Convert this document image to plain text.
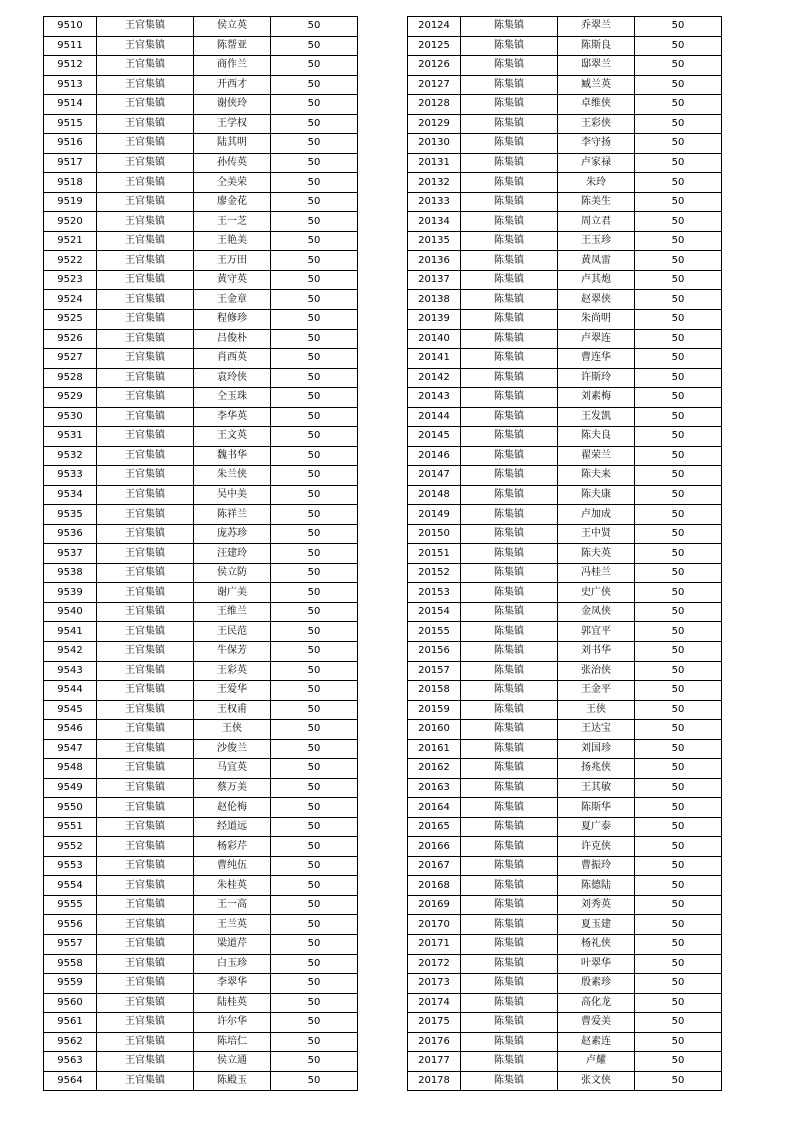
9510	王官集镇	侯立英	50
9511	王官集镇	陈帮亚	50
9512	王官集镇	商作兰	50
9513	王官集镇	开西才	50
9514	王官集镇	谢侠玲	50
9515	王官集镇	王学权	50
9516	王官集镇	陆其明	50
9517	王官集镇	孙传英	50
9518	王官集镇	仝美荣	50
9519	王官集镇	廖金花	50
9520	王官集镇	王一芝	50
9521	王官集镇	王艳美	50
9522	王官集镇	王万田	50
9523	王官集镇	黄守英	50
9524	王官集镇	王金章	50
9525	王官集镇	程修珍	50
9526	王官集镇	吕俊朴	50
9527	王官集镇	肖西英	50
9528	王官集镇	袁玲侠	50
9529	王官集镇	仝玉珠	50
9530	王官集镇	李华英	50
9531	王官集镇	王文英	50
9532	王官集镇	魏书华	50
9533	王官集镇	朱兰侠	50
9534	王官集镇	吴中美	50
9535	王官集镇	陈祥兰	50
9536	王官集镇	庞苏珍	50
9537	王官集镇	汪建玲	50
9538	王官集镇	侯立防	50
9539	王官集镇	谢广美	50
9540	王官集镇	王维兰	50
9541	王官集镇	王民范	50
9542	王官集镇	牛保芳	50
9543	王官集镇	王彩英	50
9544	王官集镇	王爱华	50
9545	王官集镇	王权甫	50
9546	王官集镇	王侠	50
9547	王官集镇	沙俊兰	50
9548	王官集镇	马宜英	50
9549	王官集镇	蔡万美	50
9550	王官集镇	赵伦梅	50
9551	王官集镇	经道远	50
9552	王官集镇	杨彩芹	50
9553	王官集镇	曹纯伍	50
9554	王官集镇	朱桂英	50
9555	王官集镇	王一高	50
9556	王官集镇	王兰英	50
9557	王官集镇	梁道芹	50
9558	王官集镇	白玉珍	50
9559	王官集镇	李翠华	50
9560	王官集镇	陆桂英	50
9561	王官集镇	许尔华	50
9562	王官集镇	陈培仁	50
9563	王官集镇	侯立通	50
9564	王官集镇	陈殿玉	50
20124	陈集镇	乔翠兰	50
20125	陈集镇	陈斯良	50
20126	陈集镇	邸翠兰	50
20127	陈集镇	臧兰英	50
20128	陈集镇	卓维侠	50
20129	陈集镇	王彩侠	50
20130	陈集镇	李守扬	50
20131	陈集镇	卢家禄	50
20132	陈集镇	朱玲	50
20133	陈集镇	陈美生	50
20134	陈集镇	周立君	50
20135	陈集镇	王玉珍	50
20136	陈集镇	黄凤雷	50
20137	陈集镇	卢其炮	50
20138	陈集镇	赵翠侠	50
20139	陈集镇	朱尚明	50
20140	陈集镇	卢翠连	50
20141	陈集镇	曹连华	50
20142	陈集镇	许斯玲	50
20143	陈集镇	刘素梅	50
20144	陈集镇	王发凯	50
20145	陈集镇	陈夫良	50
20146	陈集镇	翟荣兰	50
20147	陈集镇	陈夫来	50
20148	陈集镇	陈夫康	50
20149	陈集镇	卢加成	50
20150	陈集镇	王中贤	50
20151	陈集镇	陈夫英	50
20152	陈集镇	冯桂兰	50
20153	陈集镇	史广侠	50
20154	陈集镇	金凤侠	50
20155	陈集镇	郭宜平	50
20156	陈集镇	刘书华	50
20157	陈集镇	张治侠	50
20158	陈集镇	王金平	50
20159	陈集镇	王侠	50
20160	陈集镇	王达宝	50
20161	陈集镇	刘国珍	50
20162	陈集镇	扬兆侠	50
20163	陈集镇	王其敏	50
20164	陈集镇	陈斯华	50
20165	陈集镇	夏广泰	50
20166	陈集镇	许克侠	50
20167	陈集镇	曹振玲	50
20168	陈集镇	陈德陆	50
20169	陈集镇	刘秀英	50
20170	陈集镇	夏玉建	50
20171	陈集镇	杨礼侠	50
20172	陈集镇	叶翠华	50
20173	陈集镇	殷素珍	50
20174	陈集镇	高化龙	50
20175	陈集镇	曹爱美	50
20176	陈集镇	赵素连	50
20177	陈集镇	卢耀	50
20178	陈集镇	张文侠	50
